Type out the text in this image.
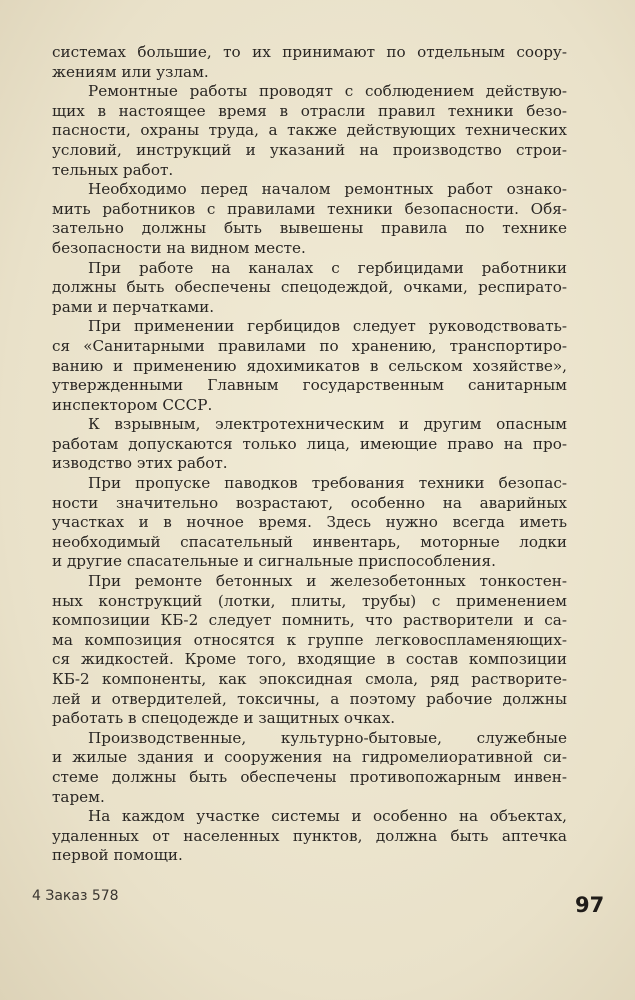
системах большие, то их принимают по отдельным соору-
жениям или узлам.
Ремонтные работы проводят с соблюдением действую-
щих в настоящее время в отрасли правил техники безо-
пасности, охраны труда, а также действующих технических
условий, инструкций и указаний на производство строи-
тельных работ.
Необходимо перед началом ремонтных работ ознако-
мить работников с правилами техники безопасности. Обя-
зательно должны быть вывешены правила по технике
безопасности на видном месте.
При работе на каналах с гербицидами работники
должны быть обеспечены спецодеждой, очками, респирато-
рами и перчатками.
При применении гербицидов следует руководствовать-
ся «Санитарными правилами по хранению, транспортиро-
ванию и применению ядохимикатов в сельском хозяйстве»,
утвержденными Главным государственным санитарным
инспектором СССР.
К взрывным, электротехническим и другим опасным
работам допускаются только лица, имеющие право на про-
изводство этих работ.
При пропуске паводков требования техники безопас-
ности значительно возрастают, особенно на аварийных
участках и в ночное время. Здесь нужно всегда иметь
необходимый спасательный инвентарь, моторные лодки
и другие спасательные и сигнальные приспособления.
При ремонте бетонных и железобетонных тонкостен-
ных конструкций (лотки, плиты, трубы) с применением
композиции КБ-2 следует помнить, что растворители и са-
ма композиция относятся к группе легковоспламеняющих-
ся жидкостей. Кроме того, входящие в состав композиции
КБ-2 компоненты, как эпоксидная смола, ряд растворите-
лей и отвердителей, токсичны, а поэтому рабочие должны
работать в спецодежде и защитных очках.
Производственные, культурно-бытовые, служебные
и жилые здания и сооружения на гидромелиоративной си-
стеме должны быть обеспечены противопожарным инвен-
тарем.
На каждом участке системы и особенно на объектах,
удаленных от населенных пунктов, должна быть аптечка
первой помощи.
4 Заказ 578	97
